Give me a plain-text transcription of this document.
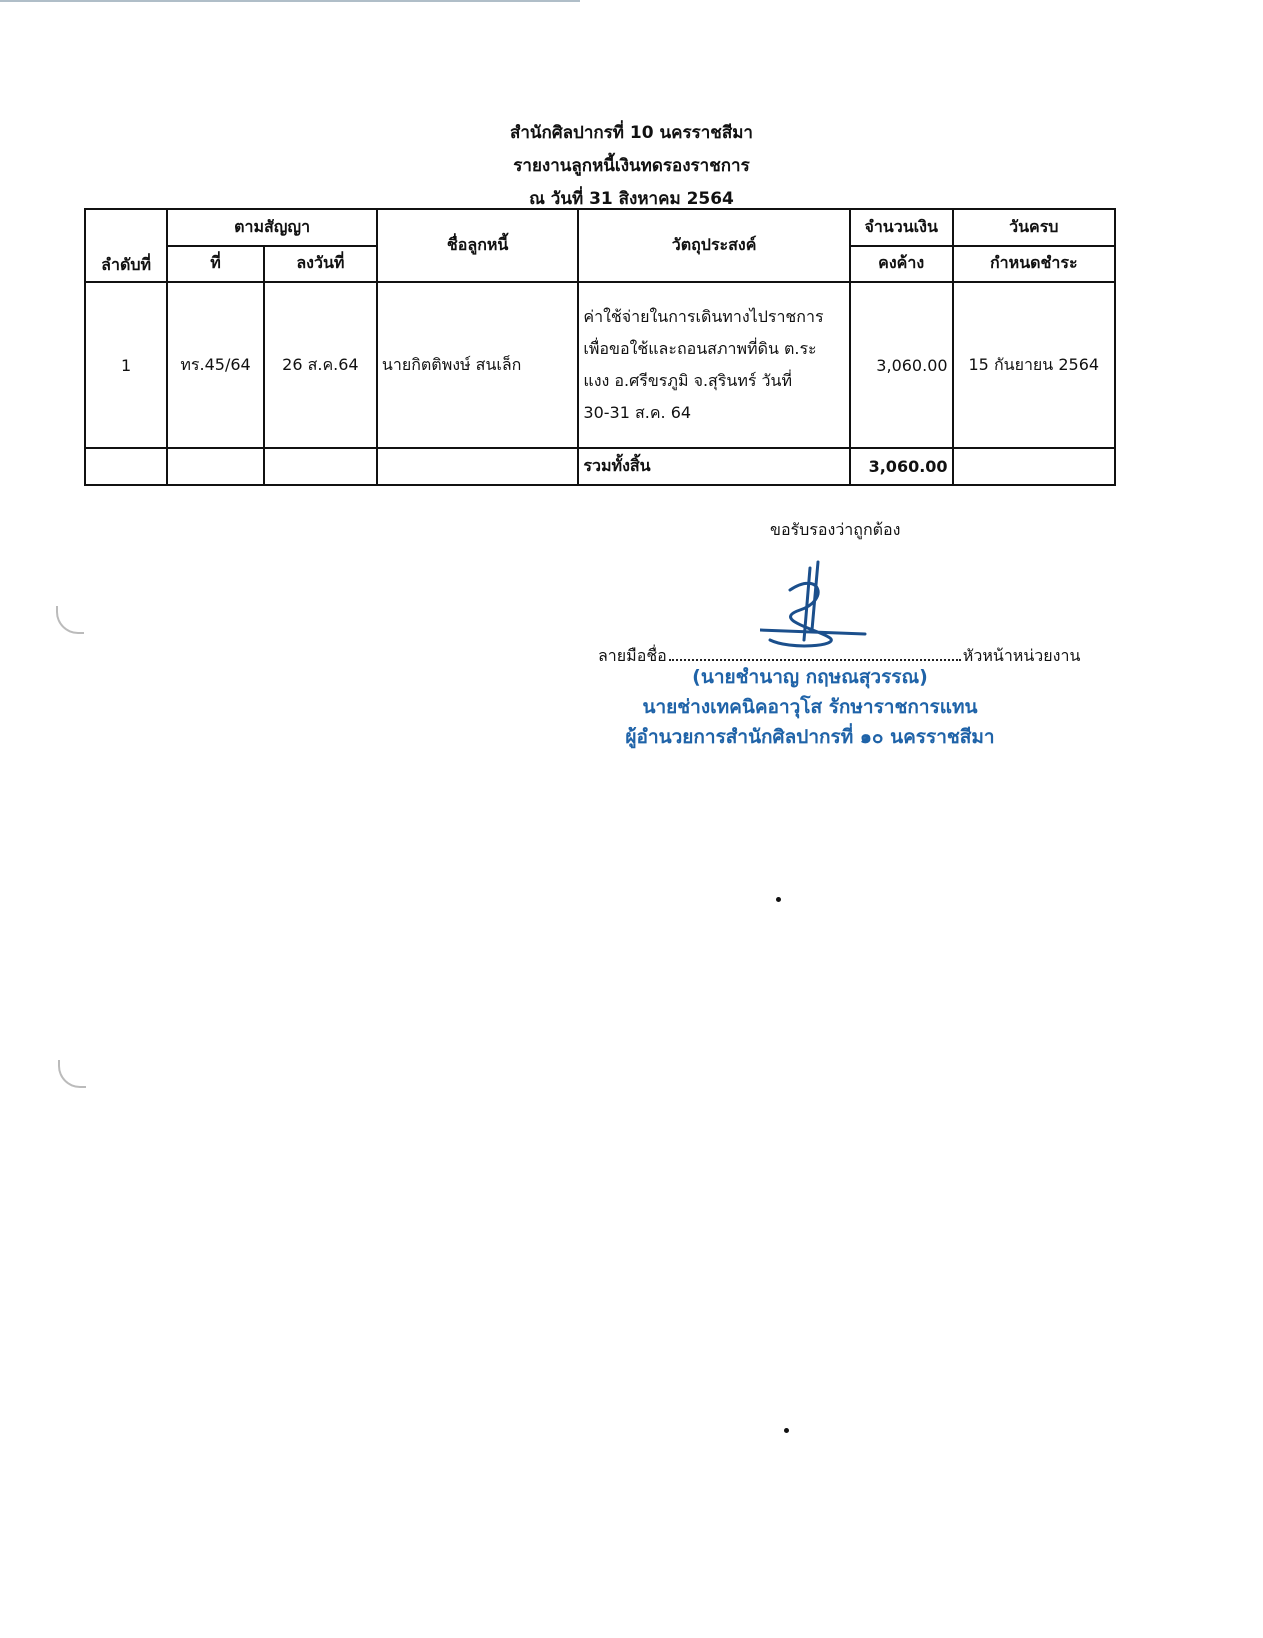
สำนักศิลปากรที่ 10 นครราชสีมา
รายงานลูกหนี้เงินทดรองราชการ
ณ วันที่ 31 สิงหาคม 2564
ลำดับที่	ตามสัญญา		ชื่อลูกหนี้	วัตถุประสงค์	จำนวนเงิน	วันครบ
	ที่	ลงวันที่			คงค้าง	กำหนดชำระ
1	ทร.45/64	26 ส.ค.64	นายกิตติพงษ์ สนเล็ก	ค่าใช้จ่ายในการเดินทางไปราชการ
เพื่อขอใช้และถอนสภาพที่ดิน ต.ระ
แงง อ.ศรีขรภูมิ จ.สุรินทร์ วันที่
30-31 ส.ค. 64	3,060.00	15 กันยายน 2564
				รวมทั้งสิ้น	3,060.00	
ขอรับรองว่าถูกต้อง
ลายมือชื่อ	หัวหน้าหน่วยงาน
(นายชำนาญ กฤษณสุวรรณ)
นายช่างเทคนิคอาวุโส รักษาราชการแทน
ผู้อำนวยการสำนักศิลปากรที่ ๑๐ นครราชสีมา
